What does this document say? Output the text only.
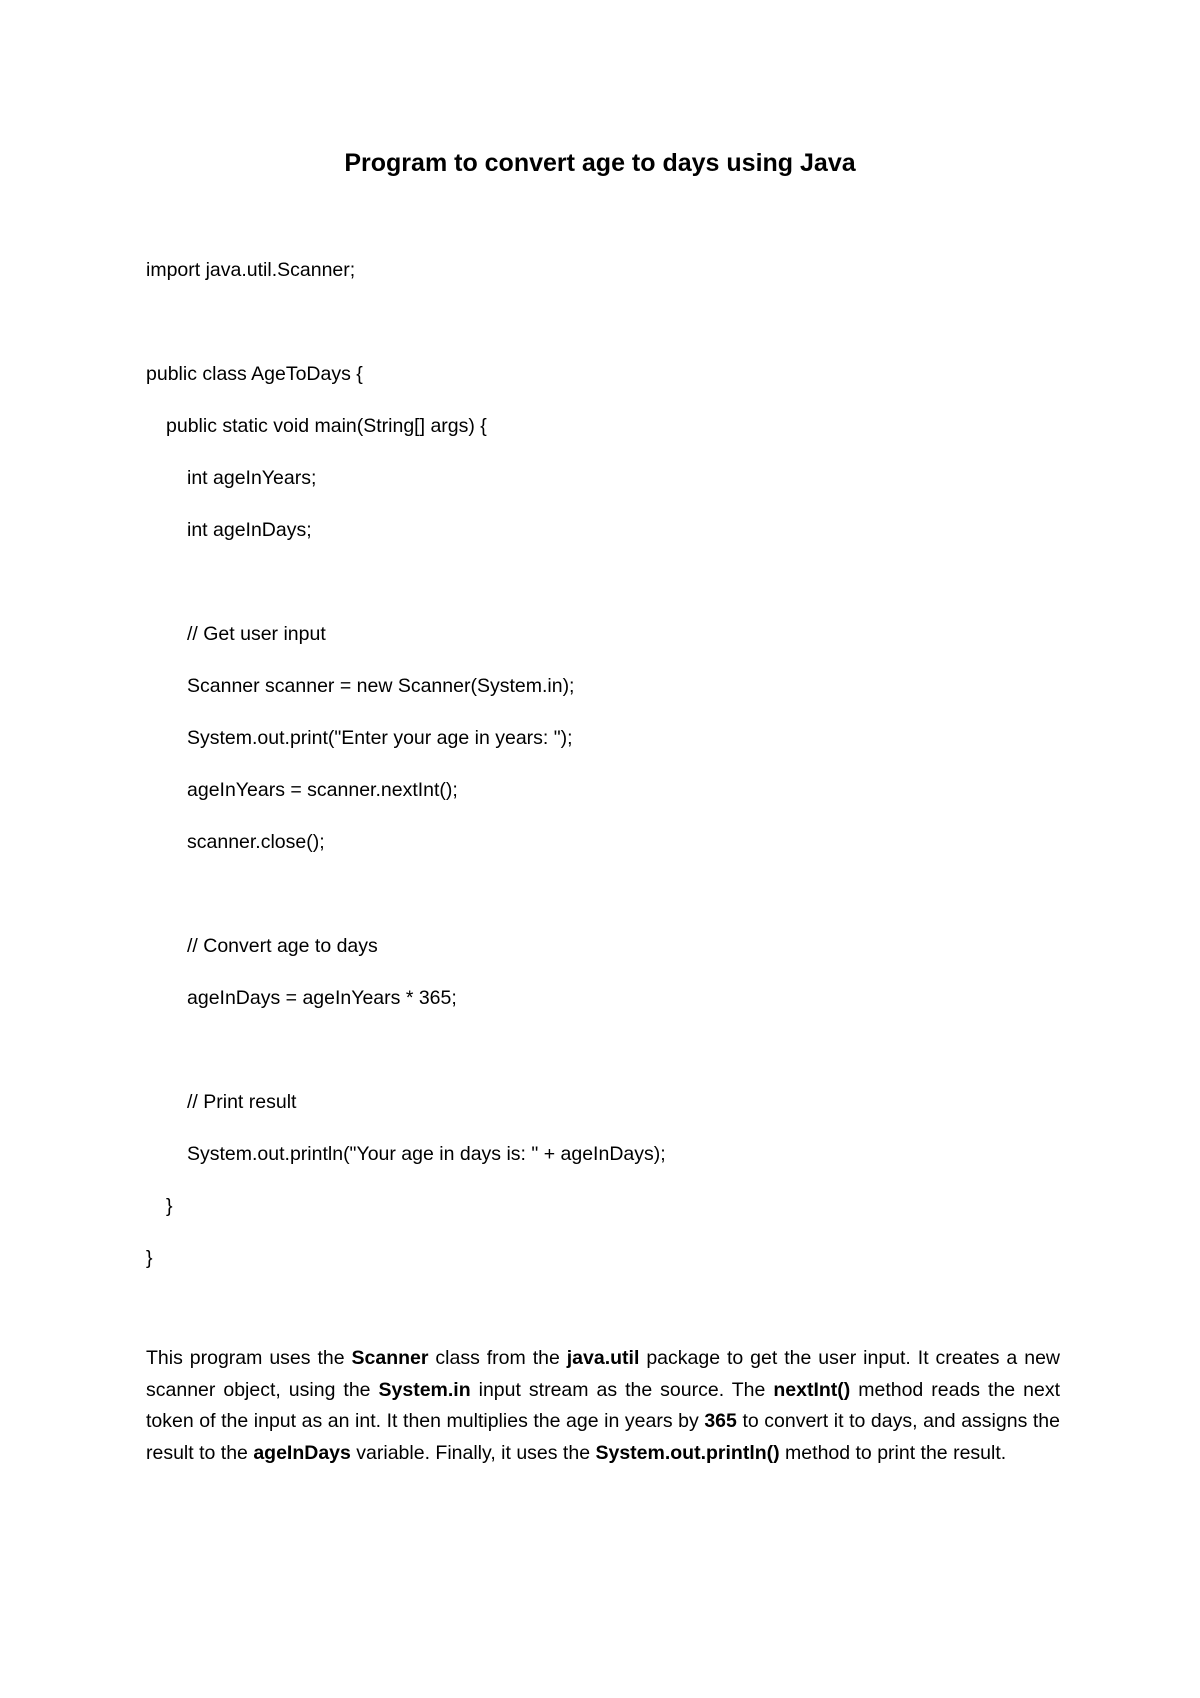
Program to convert age to days using Java
import java.util.Scanner;
public class AgeToDays {
public static void main(String[] args) {
int ageInYears;
int ageInDays;
// Get user input
Scanner scanner = new Scanner(System.in);
System.out.print("Enter your age in years: ");
ageInYears = scanner.nextInt();
scanner.close();
// Convert age to days
ageInDays = ageInYears * 365;
// Print result
System.out.println("Your age in days is: " + ageInDays);
}
}

This program uses the Scanner class from the java.util package to get the user input. It creates a new scanner object, using the System.in input stream as the source. The nextInt() method reads the next token of the input as an int. It then multiplies the age in years by 365 to convert it to days, and assigns the result to the ageInDays variable. Finally, it uses the System.out.println() method to print the result.
